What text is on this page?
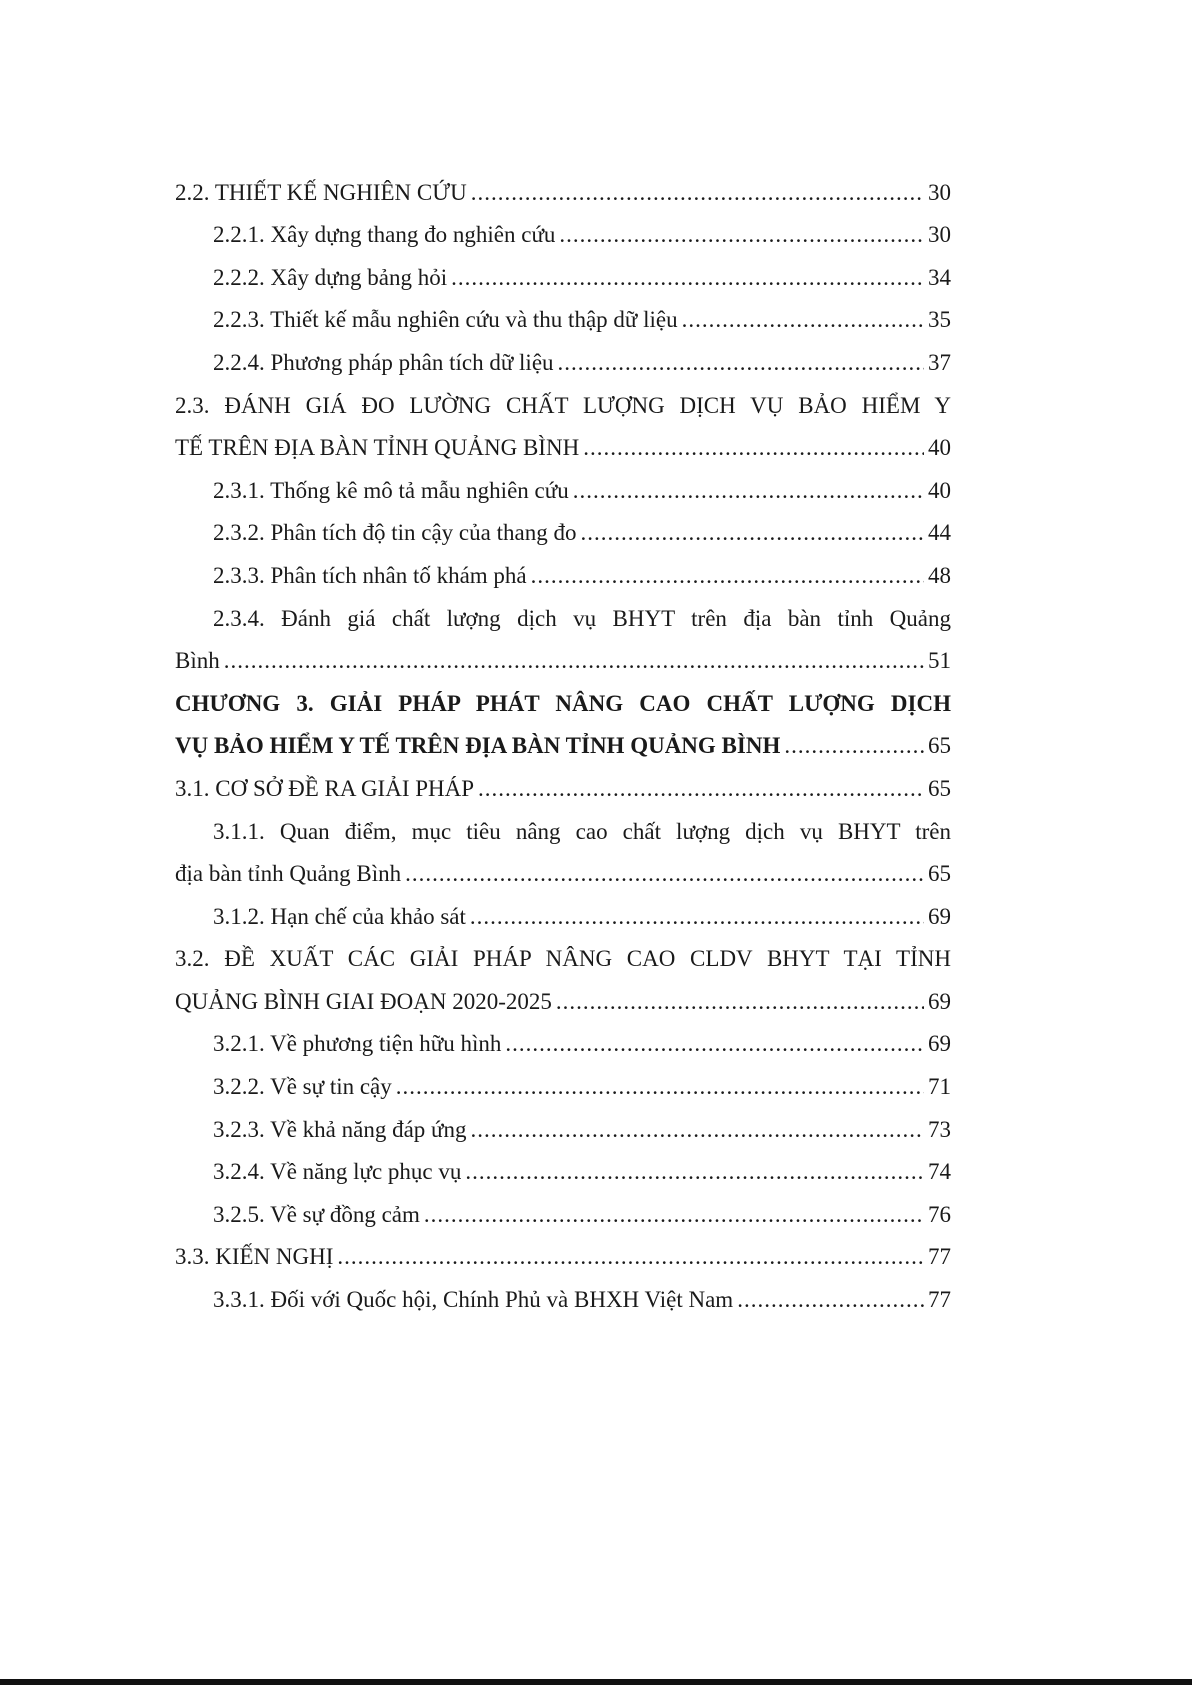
2.2. THIẾT KẾ NGHIÊN CỨU .....	30
2.2.1. Xây dựng thang đo nghiên cứu .....	30
2.2.2. Xây dựng bảng hỏi .....	34
2.2.3. Thiết kế mẫu nghiên cứu và thu thập dữ liệu .....	35
2.2.4. Phương pháp phân tích dữ liệu .....	37
2.3. ĐÁNH GIÁ ĐO LƯỜNG CHẤT LƯỢNG DỊCH VỤ BẢO HIỂM Y
TẾ TRÊN ĐỊA BÀN TỈNH QUẢNG BÌNH .....	40
2.3.1. Thống kê mô tả mẫu nghiên cứu .....	40
2.3.2. Phân tích độ tin cậy của thang đo .....	44
2.3.3. Phân tích nhân tố khám phá .....	48
2.3.4. Đánh giá chất lượng dịch vụ BHYT trên địa bàn tỉnh Quảng
Bình .....	51
CHƯƠNG 3. GIẢI PHÁP PHÁT NÂNG CAO CHẤT LƯỢNG DỊCH
VỤ BẢO HIỂM Y TẾ TRÊN ĐỊA BÀN TỈNH QUẢNG BÌNH .....	65
3.1. CƠ SỞ ĐỀ RA GIẢI PHÁP .....	65
3.1.1. Quan điểm, mục tiêu nâng cao chất lượng dịch vụ BHYT trên
địa bàn tỉnh Quảng Bình .....	65
3.1.2. Hạn chế của khảo sát .....	69
3.2. ĐỀ XUẤT CÁC GIẢI PHÁP NÂNG CAO CLDV BHYT TẠI TỈNH
QUẢNG BÌNH GIAI ĐOẠN 2020-2025 .....	69
3.2.1. Về phương tiện hữu hình .....	69
3.2.2. Về sự tin cậy .....	71
3.2.3. Về khả năng đáp ứng .....	73
3.2.4. Về năng lực phục vụ .....	74
3.2.5. Về sự đồng cảm .....	76
3.3. KIẾN NGHỊ .....	77
3.3.1. Đối với Quốc hội, Chính Phủ và BHXH Việt Nam .....	77
